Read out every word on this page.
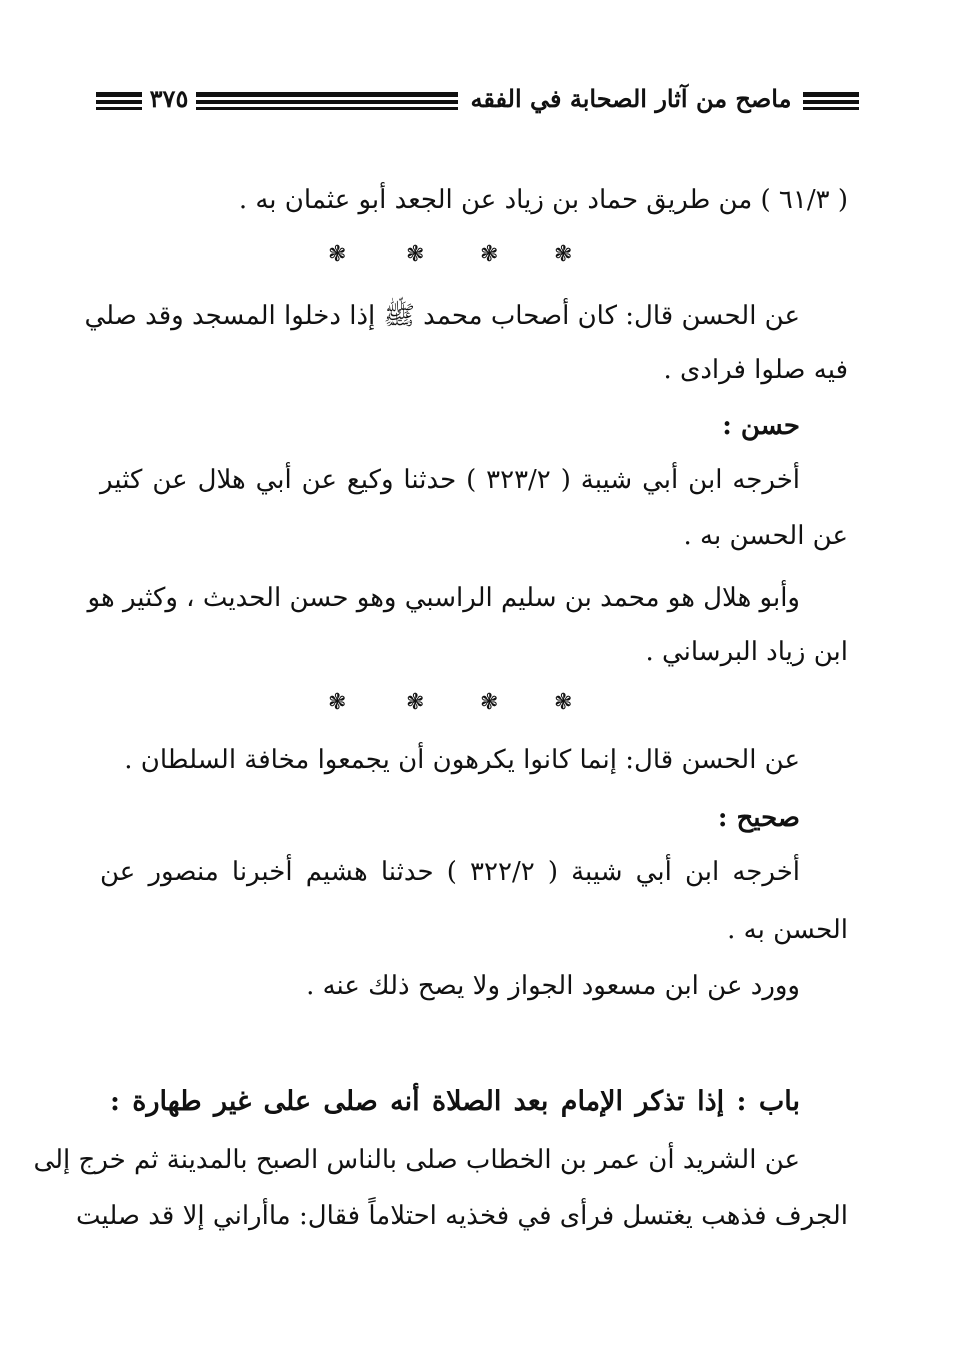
٣٧٥	ماصح من آثار الصحابة في الفقه
( ٦١/٣ ) من طريق حماد بن زياد عن الجعد أبو عثمان به .
❃	❃	❃	❃
عن الحسن قال: كان أصحاب محمد ﷺ إذا دخلوا المسجد وقد صلي
فيه صلوا فرادى .
حسن :
أخرجه ابن أبي شيبة ( ٣٢٣/٢ ) حدثنا وكيع عن أبي هلال عن كثير
عن الحسن به .
وأبو هلال هو محمد بن سليم الراسبي وهو حسن الحديث ، وكثير هو
ابن زياد البرساني .
❃	❃	❃	❃
عن الحسن قال: إنما كانوا يكرهون أن يجمعوا مخافة السلطان .
صحيح :
أخرجه ابن أبي شيبة ( ٣٢٢/٢ ) حدثنا هشيم أخبرنا منصور عن
الحسن به .
وورد عن ابن مسعود الجواز ولا يصح ذلك عنه .
باب : إذا تذكر الإمام بعد الصلاة أنه صلى على غير طهارة :
عن الشريد أن عمر بن الخطاب صلى بالناس الصبح بالمدينة ثم خرج إلى
الجرف فذهب يغتسل فرأى في فخذيه احتلاماً فقال: ماأراني إلا قد صليت
